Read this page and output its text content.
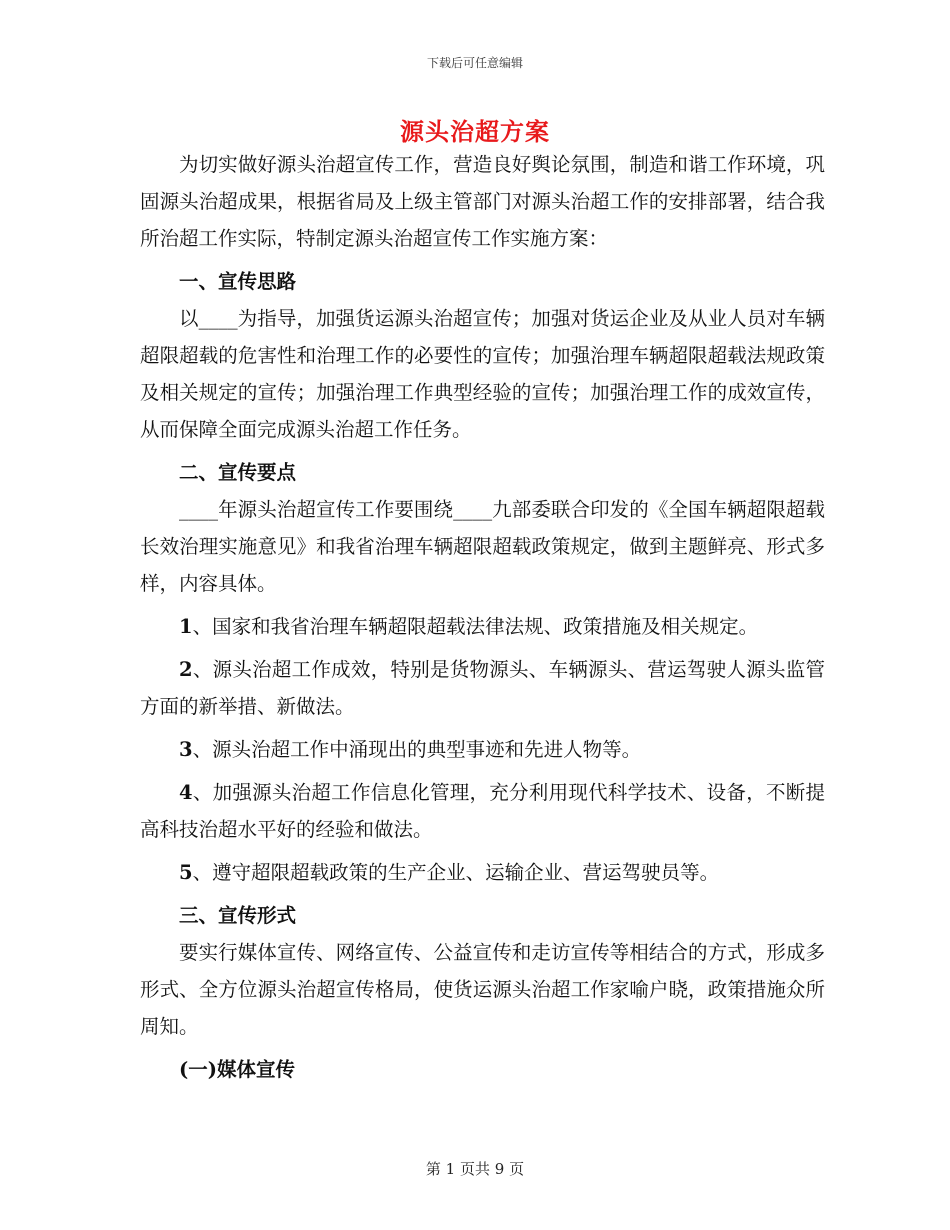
下载后可任意编辑
源头治超方案

为切实做好源头治超宣传工作，营造良好舆论氛围，制造和谐工作环境，巩固源头治超成果，根据省局及上级主管部门对源头治超工作的安排部署，结合我所治超工作实际，特制定源头治超宣传工作实施方案：

一、宣传思路

以____为指导，加强货运源头治超宣传；加强对货运企业及从业人员对车辆超限超载的危害性和治理工作的必要性的宣传；加强治理车辆超限超载法规政策及相关规定的宣传；加强治理工作典型经验的宣传；加强治理工作的成效宣传，从而保障全面完成源头治超工作任务。

二、宣传要点

____年源头治超宣传工作要围绕____九部委联合印发的《全国车辆超限超载长效治理实施意见》和我省治理车辆超限超载政策规定，做到主题鲜亮、形式多样，内容具体。

1、国家和我省治理车辆超限超载法律法规、政策措施及相关规定。

2、源头治超工作成效，特别是货物源头、车辆源头、营运驾驶人源头监管方面的新举措、新做法。

3、源头治超工作中涌现出的典型事迹和先进人物等。

4、加强源头治超工作信息化管理，充分利用现代科学技术、设备，不断提高科技治超水平好的经验和做法。

5、遵守超限超载政策的生产企业、运输企业、营运驾驶员等。

三、宣传形式

要实行媒体宣传、网络宣传、公益宣传和走访宣传等相结合的方式，形成多形式、全方位源头治超宣传格局，使货运源头治超工作家喻户晓，政策措施众所周知。

(一)媒体宣传
第 1 页共 9 页
